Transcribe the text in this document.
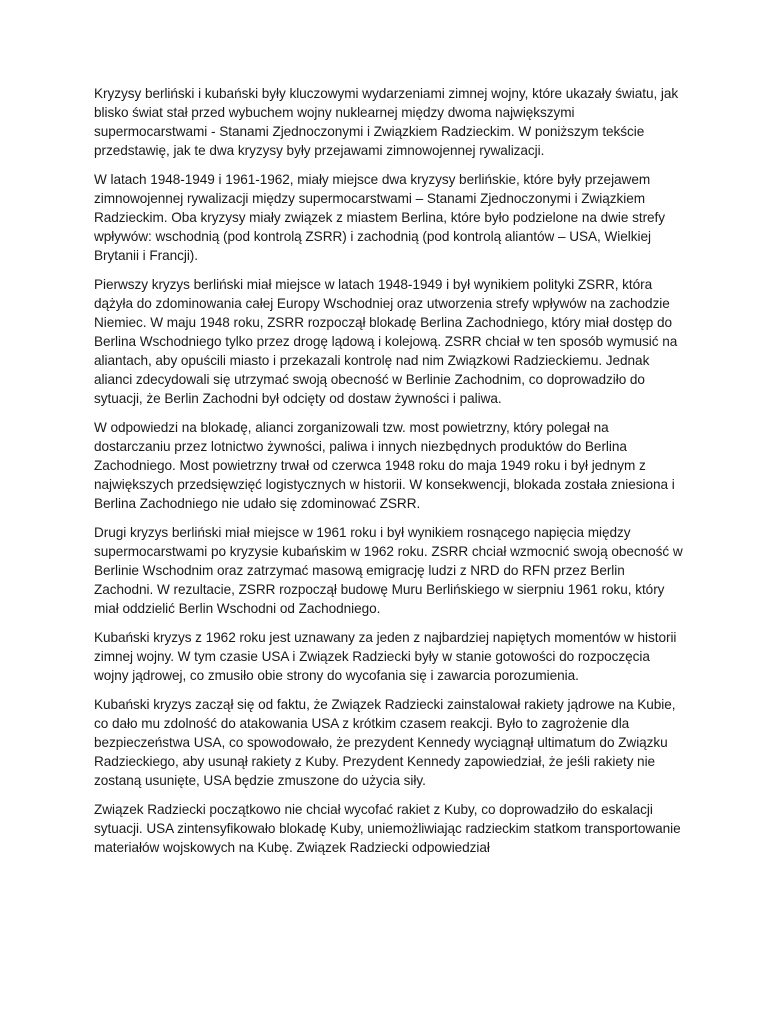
Kryzysy berliński i kubański były kluczowymi wydarzeniami zimnej wojny, które ukazały światu, jak blisko świat stał przed wybuchem wojny nuklearnej między dwoma największymi supermocarstwami - Stanami Zjednoczonymi i Związkiem Radzieckim. W poniższym tekście przedstawię, jak te dwa kryzysy były przejawami zimnowojennej rywalizacji.

W latach 1948-1949 i 1961-1962, miały miejsce dwa kryzysy berlińskie, które były przejawem zimnowojennej rywalizacji między supermocarstwami – Stanami Zjednoczonymi i Związkiem Radzieckim. Oba kryzysy miały związek z miastem Berlina, które było podzielone na dwie strefy wpływów: wschodnią (pod kontrolą ZSRR) i zachodnią (pod kontrolą aliantów – USA, Wielkiej Brytanii i Francji).

Pierwszy kryzys berliński miał miejsce w latach 1948-1949 i był wynikiem polityki ZSRR, która dążyła do zdominowania całej Europy Wschodniej oraz utworzenia strefy wpływów na zachodzie Niemiec. W maju 1948 roku, ZSRR rozpoczął blokadę Berlina Zachodniego, który miał dostęp do Berlina Wschodniego tylko przez drogę lądową i kolejową. ZSRR chciał w ten sposób wymusić na aliantach, aby opuścili miasto i przekazali kontrolę nad nim Związkowi Radzieckiemu. Jednak alianci zdecydowali się utrzymać swoją obecność w Berlinie Zachodnim, co doprowadziło do sytuacji, że Berlin Zachodni był odcięty od dostaw żywności i paliwa.

W odpowiedzi na blokadę, alianci zorganizowali tzw. most powietrzny, który polegał na dostarczaniu przez lotnictwo żywności, paliwa i innych niezbędnych produktów do Berlina Zachodniego. Most powietrzny trwał od czerwca 1948 roku do maja 1949 roku i był jednym z największych przedsięwzięć logistycznych w historii. W konsekwencji, blokada została zniesiona i Berlina Zachodniego nie udało się zdominować ZSRR.

Drugi kryzys berliński miał miejsce w 1961 roku i był wynikiem rosnącego napięcia między supermocarstwami po kryzysie kubańskim w 1962 roku. ZSRR chciał wzmocnić swoją obecność w Berlinie Wschodnim oraz zatrzymać masową emigrację ludzi z NRD do RFN przez Berlin Zachodni. W rezultacie, ZSRR rozpoczął budowę Muru Berlińskiego w sierpniu 1961 roku, który miał oddzielić Berlin Wschodni od Zachodniego.

Kubański kryzys z 1962 roku jest uznawany za jeden z najbardziej napiętych momentów w historii zimnej wojny. W tym czasie USA i Związek Radziecki były w stanie gotowości do rozpoczęcia wojny jądrowej, co zmusiło obie strony do wycofania się i zawarcia porozumienia.

Kubański kryzys zaczął się od faktu, że Związek Radziecki zainstalował rakiety jądrowe na Kubie, co dało mu zdolność do atakowania USA z krótkim czasem reakcji. Było to zagrożenie dla bezpieczeństwa USA, co spowodowało, że prezydent Kennedy wyciągnął ultimatum do Związku Radzieckiego, aby usunął rakiety z Kuby. Prezydent Kennedy zapowiedział, że jeśli rakiety nie zostaną usunięte, USA będzie zmuszone do użycia siły.

Związek Radziecki początkowo nie chciał wycofać rakiet z Kuby, co doprowadziło do eskalacji sytuacji. USA zintensyfikowało blokadę Kuby, uniemożliwiając radzieckim statkom transportowanie materiałów wojskowych na Kubę. Związek Radziecki odpowiedział
